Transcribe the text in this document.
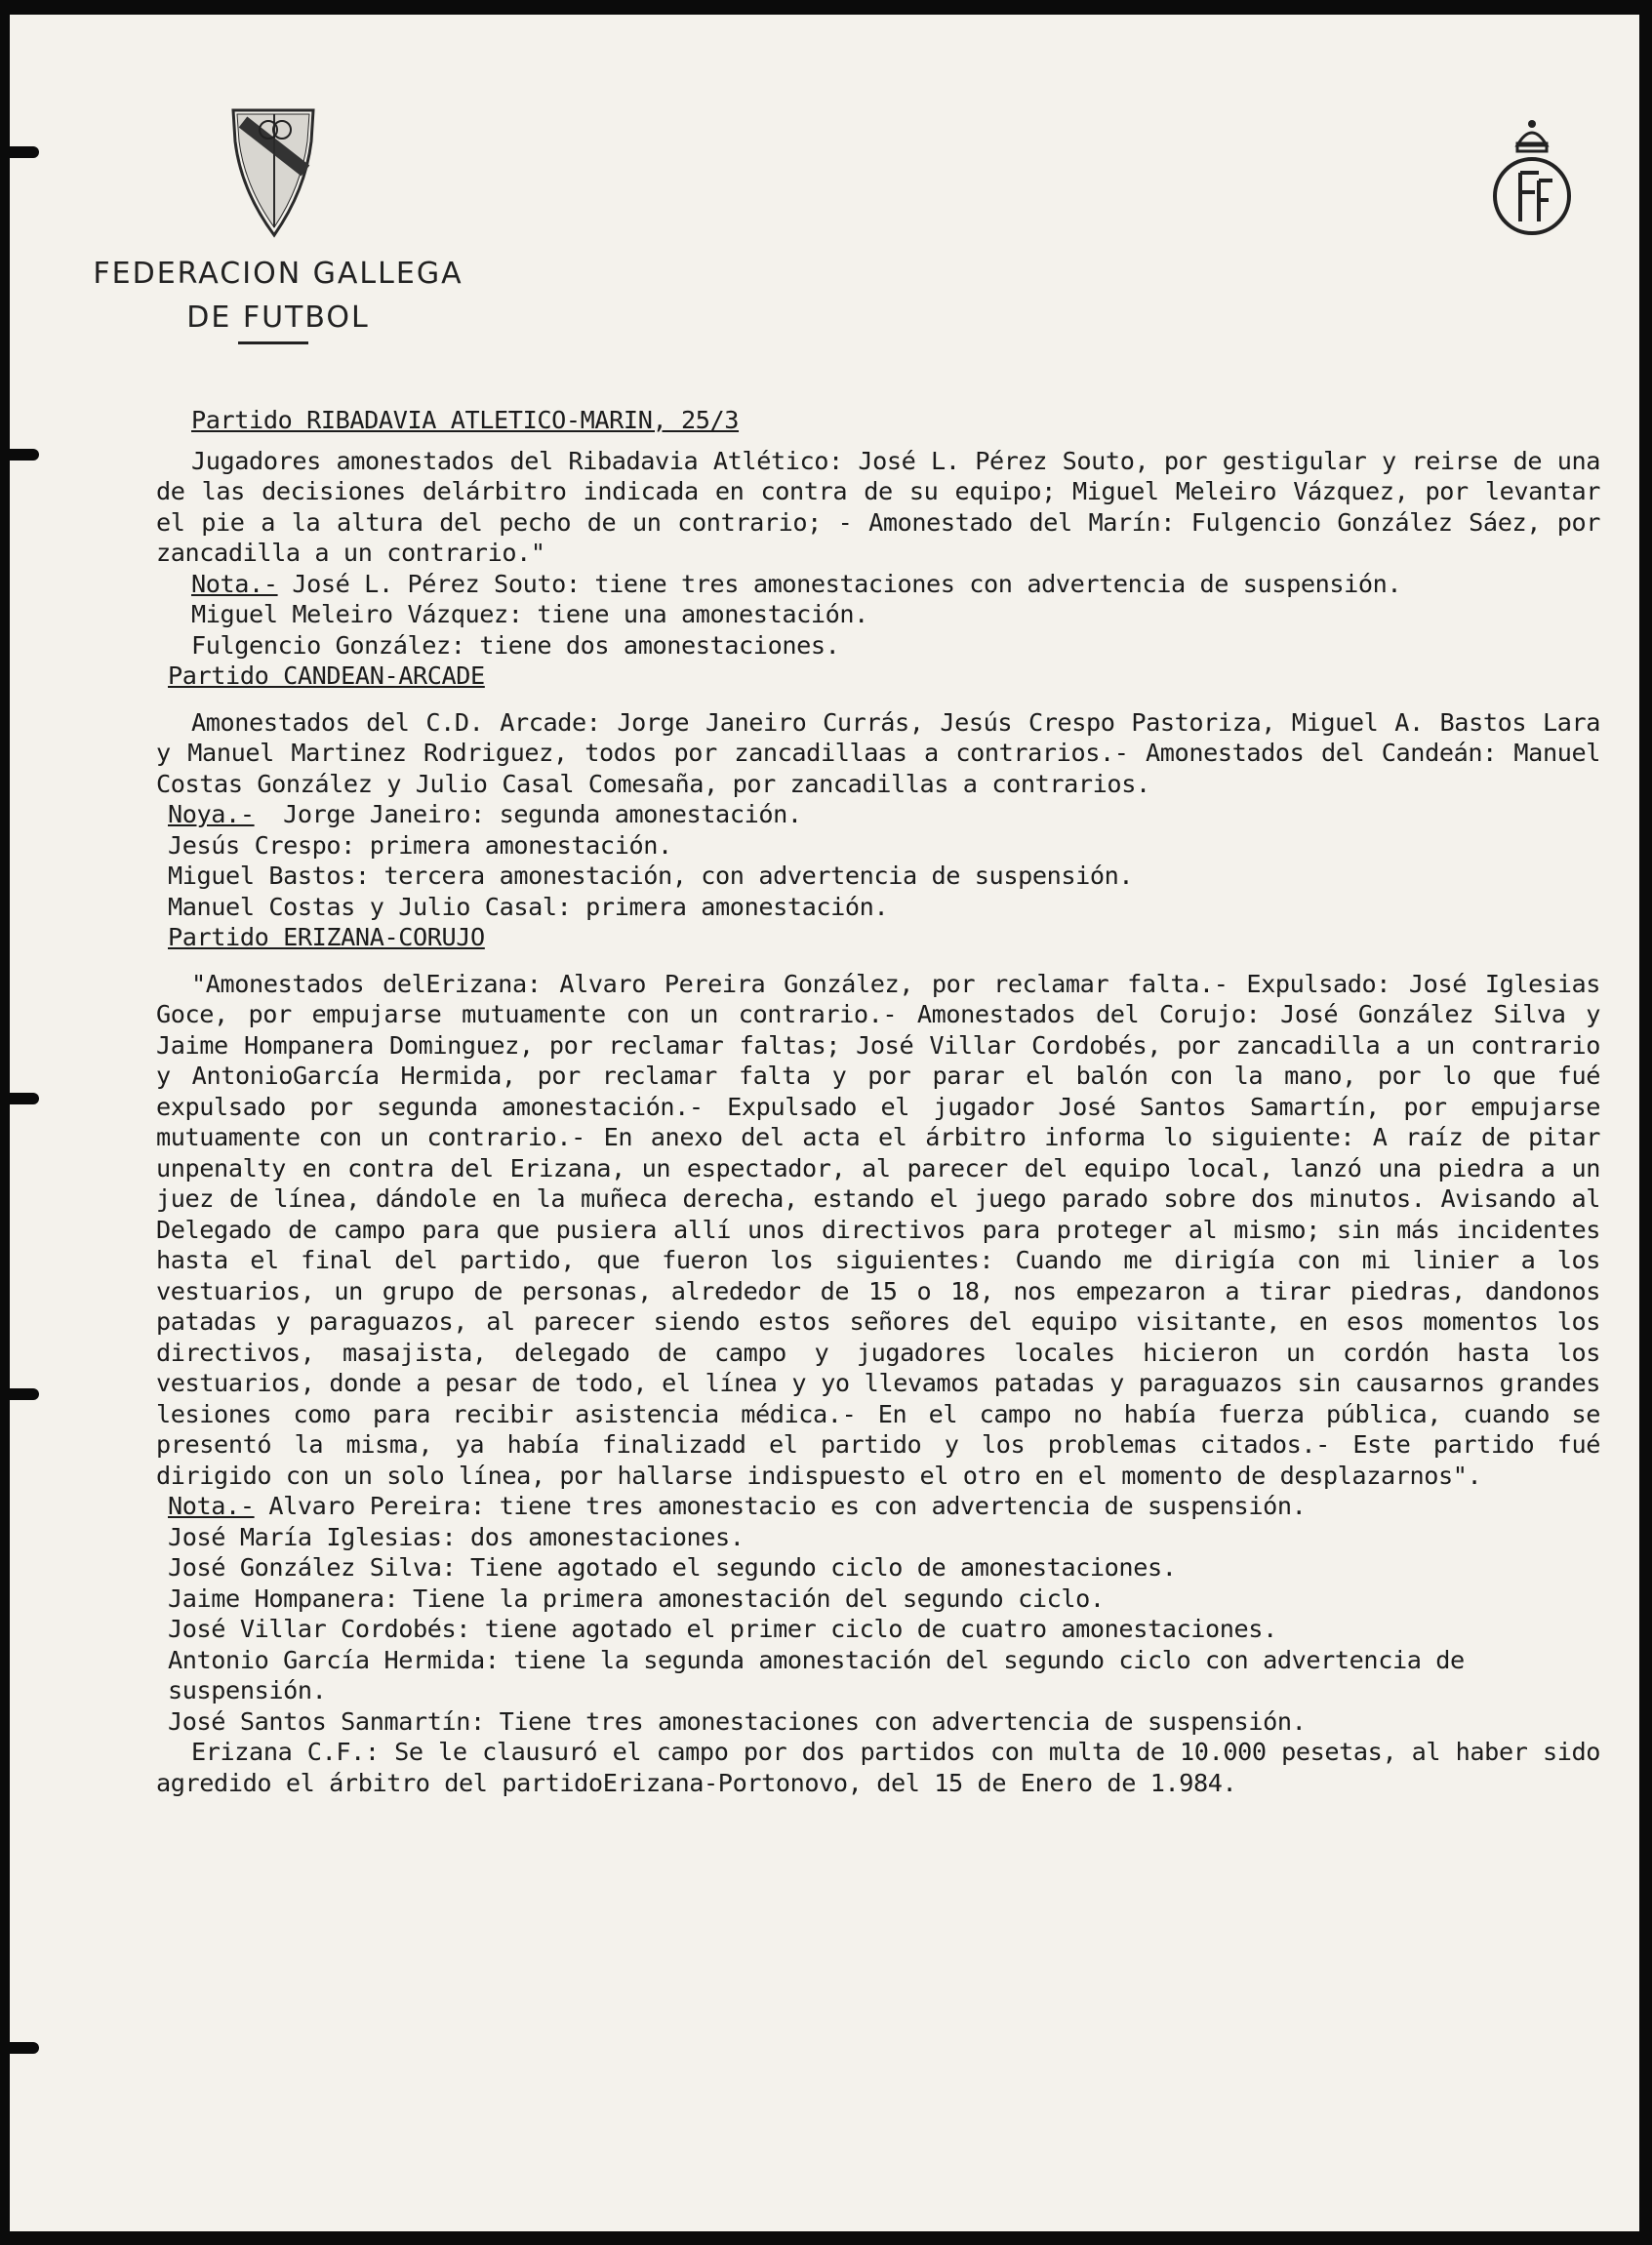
FEDERACION GALLEGA
DE FUTBOL
Partido RIBADAVIA ATLETICO-MARIN, 25/3

Jugadores amonestados del Ribadavia Atlético: José L. Pérez Souto, por gestigular y reirse de una de las decisiones delárbitro indicada en contra de su equipo; Miguel Meleiro Vázquez, por levantar el pie a la altura del pecho de un contrario; - Amonestado del Marín: Fulgencio González Sáez, por zancadilla a un contrario."

Nota.- José L. Pérez Souto: tiene tres amonestaciones con advertencia de suspensión.
Miguel Meleiro Vázquez: tiene una amonestación.
Fulgencio González: tiene dos amonestaciones.
Partido CANDEAN-ARCADE

Amonestados del C.D. Arcade: Jorge Janeiro Currás, Jesús Crespo Pastoriza, Miguel A. Bastos Lara y Manuel Martinez Rodriguez, todos por zancadillaas a contrarios.- Amonestados del Candeán: Manuel Costas González y Julio Casal Comesaña, por zancadillas a contrarios.

Noya.- Jorge Janeiro: segunda amonestación.
Jesús Crespo: primera amonestación.
Miguel Bastos: tercera amonestación, con advertencia de suspensión.
Manuel Costas y Julio Casal: primera amonestación.
Partido ERIZANA-CORUJO

"Amonestados delErizana: Alvaro Pereira González, por reclamar falta.- Expulsado: José Iglesias Goce, por empujarse mutuamente con un contrario.- Amonestados del Corujo: José González Silva y Jaime Hompanera Dominguez, por reclamar faltas; José Villar Cordobés, por zancadilla a un contrario y AntonioGarcía Hermida, por reclamar falta y por parar el balón con la mano, por lo que fué expulsado por segunda amonestación.- Expulsado el jugador José Santos Samartín, por empujarse mutuamente con un contrario.- En anexo del acta el árbitro informa lo siguiente: A raíz de pitar unpenalty en contra del Erizana, un espectador, al parecer del equipo local, lanzó una piedra a un juez de línea, dándole en la muñeca derecha, estando el juego parado sobre dos minutos. Avisando al Delegado de campo para que pusiera allí unos directivos para proteger al mismo; sin más incidentes hasta el final del partido, que fueron los siguientes: Cuando me dirigía con mi linier a los vestuarios, un grupo de personas, alrededor de 15 o 18, nos empezaron a tirar piedras, dandonos patadas y paraguazos, al parecer siendo estos señores del equipo visitante, en esos momentos los directivos, masajista, delegado de campo y jugadores locales hicieron un cordón hasta los vestuarios, donde a pesar de todo, el línea y yo llevamos patadas y paraguazos sin causarnos grandes lesiones como para recibir asistencia médica.- En el campo no había fuerza pública, cuando se presentó la misma, ya había finalizadd el partido y los problemas citados.- Este partido fué dirigido con un solo línea, por hallarse indispuesto el otro en el momento de desplazarnos".

Nota.- Alvaro Pereira: tiene tres amonestacio es con advertencia de suspensión.
José María Iglesias: dos amonestaciones.
José González Silva: Tiene agotado el segundo ciclo de amonestaciones.
Jaime Hompanera: Tiene la primera amonestación del segundo ciclo.
José Villar Cordobés: tiene agotado el primer ciclo de cuatro amonestaciones.
Antonio García Hermida: tiene la segunda amonestación del segundo ciclo con advertencia de suspensión.
José Santos Sanmartín: Tiene tres amonestaciones con advertencia de suspensión.

Erizana C.F.: Se le clausuró el campo por dos partidos con multa de 10.000 pesetas, al haber sido agredido el árbitro del partidoErizana-Portonovo, del 15 de Enero de 1.984.
